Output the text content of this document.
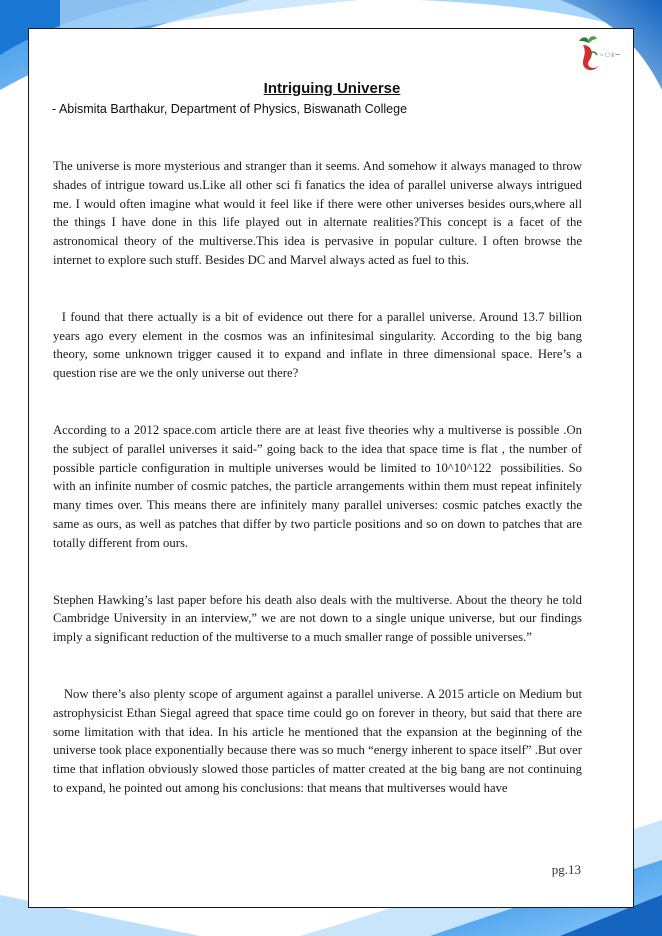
~ঃ~
Intriguing Universe

- Abismita Barthakur, Department of Physics, Biswanath College

The universe is more mysterious and stranger than it seems. And somehow it always managed to throw shades of intrigue toward us.Like all other sci fi fanatics the idea of parallel universe always intrigued me. I would often imagine what would it feel like if there were other universes besides ours,where all the things I have done in this life played out in alternate realities?This concept is a facet of the astronomical theory of the multiverse.This idea is pervasive in popular culture. I often browse the internet to explore such stuff. Besides DC and Marvel always acted as fuel to this.

I found that there actually is a bit of evidence out there for a parallel universe. Around 13.7 billion years ago every element in the cosmos was an infinitesimal singularity. According to the big bang theory, some unknown trigger caused it to expand and inflate in three dimensional space. Here’s a question rise are we the only universe out there?

According to a 2012 space.com article there are at least five theories why a multiverse is possible .On the subject of parallel universes it said-” going back to the idea that space time is flat , the number of possible particle configuration in multiple universes would be limited to 10^10^122  possibilities. So with an infinite number of cosmic patches, the particle arrangements within them must repeat infinitely many times over. This means there are infinitely many parallel universes: cosmic patches exactly the same as ours, as well as patches that differ by two particle positions and so on down to patches that are totally different from ours.

Stephen Hawking’s last paper before his death also deals with the multiverse. About the theory he told Cambridge University in an interview,” we are not down to a single unique universe, but our findings imply a significant reduction of the multiverse to a much smaller range of possible universes.”

Now there’s also plenty scope of argument against a parallel universe. A 2015 article on Medium but astrophysicist Ethan Siegal agreed that space time could go on forever in theory, but said that there are some limitation with that idea. In his article he mentioned that the expansion at the beginning of the universe took place exponentially because there was so much “energy inherent to space itself” .But over time that inflation obviously slowed those particles of matter created at the big bang are not continuing to expand, he pointed out among his conclusions: that means that multiverses would have

pg.13
